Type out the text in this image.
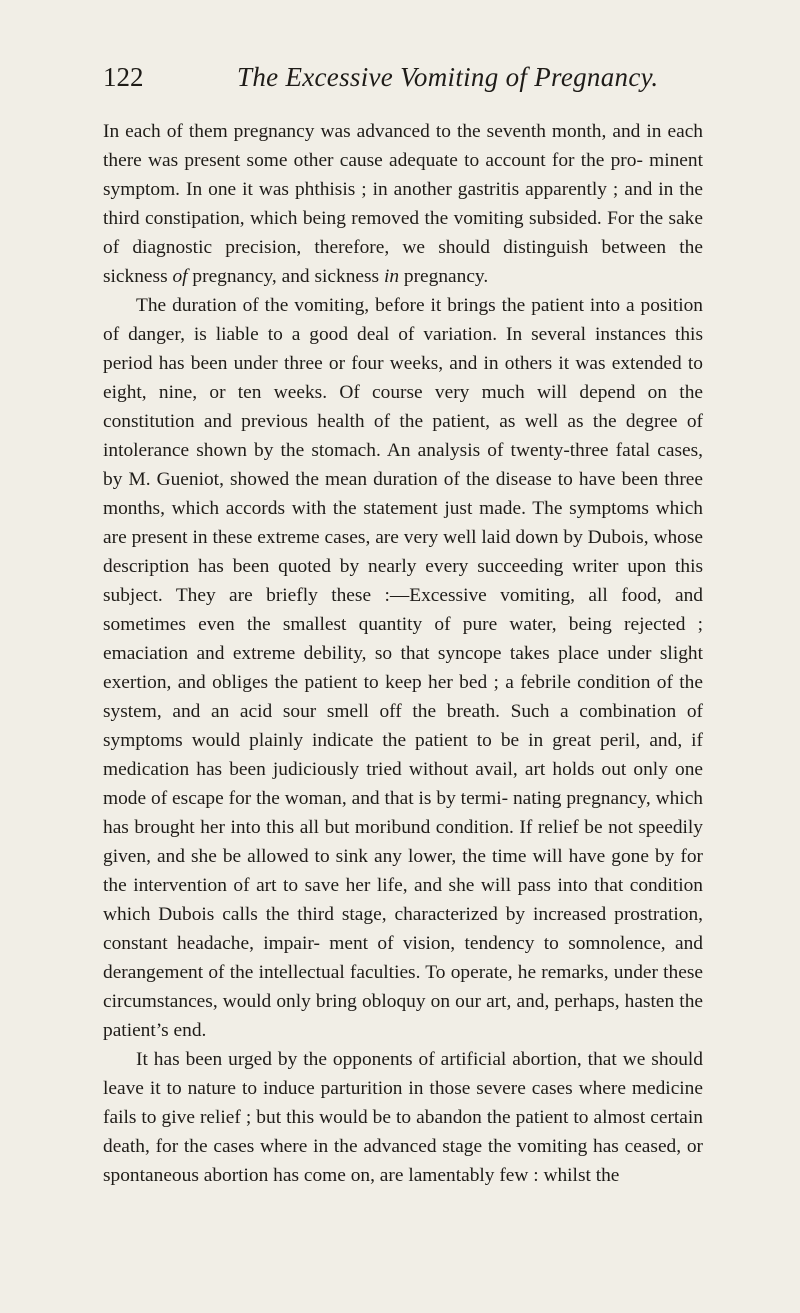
122	The Excessive Vomiting of Pregnancy.

In each of them pregnancy was advanced to the seventh month, and in each there was present some other cause adequate to account for the pro- minent symptom. In one it was phthisis ; in another gastritis apparently ; and in the third constipation, which being removed the vomiting subsided. For the sake of diagnostic precision, therefore, we should distinguish between the sickness of pregnancy, and sickness in pregnancy.

The duration of the vomiting, before it brings the patient into a position of danger, is liable to a good deal of variation. In several instances this period has been under three or four weeks, and in others it was extended to eight, nine, or ten weeks. Of course very much will depend on the constitution and previous health of the patient, as well as the degree of intolerance shown by the stomach. An analysis of twenty-three fatal cases, by M. Gueniot, showed the mean duration of the disease to have been three months, which accords with the statement just made. The symptoms which are present in these extreme cases, are very well laid down by Dubois, whose description has been quoted by nearly every succeeding writer upon this subject. They are briefly these :—Excessive vomiting, all food, and sometimes even the smallest quantity of pure water, being rejected ; emaciation and extreme debility, so that syncope takes place under slight exertion, and obliges the patient to keep her bed ; a febrile condition of the system, and an acid sour smell off the breath. Such a combination of symptoms would plainly indicate the patient to be in great peril, and, if medication has been judiciously tried without avail, art holds out only one mode of escape for the woman, and that is by termi- nating pregnancy, which has brought her into this all but moribund condition. If relief be not speedily given, and she be allowed to sink any lower, the time will have gone by for the intervention of art to save her life, and she will pass into that condition which Dubois calls the third stage, characterized by increased prostration, constant headache, impair- ment of vision, tendency to somnolence, and derangement of the intellectual faculties. To operate, he remarks, under these circumstances, would only bring obloquy on our art, and, perhaps, hasten the patient’s end.

It has been urged by the opponents of artificial abortion, that we should leave it to nature to induce parturition in those severe cases where medicine fails to give relief ; but this would be to abandon the patient to almost certain death, for the cases where in the advanced stage the vomiting has ceased, or spontaneous abortion has come on, are lamentably few : whilst the
